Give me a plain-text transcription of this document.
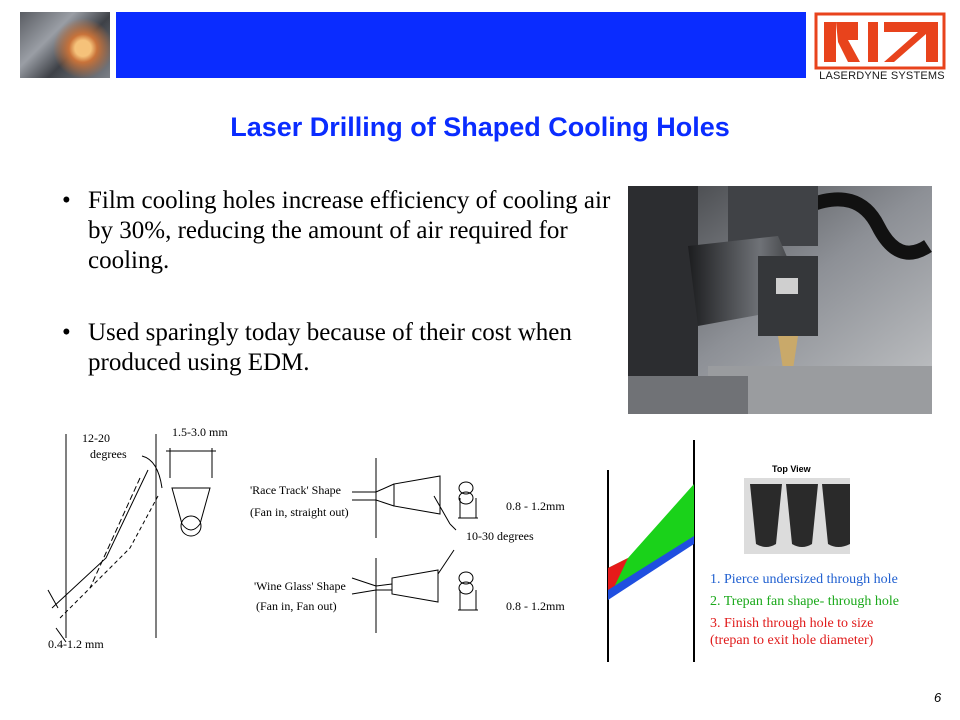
LASERDYNE SYSTEMS
Laser Drilling of Shaped Cooling Holes
• Film cooling holes increase efficiency of cooling air by 30%, reducing the amount of air required for cooling.
• Used sparingly today because of their cost when produced using EDM.
12-20
degrees
1.5-3.0 mm
0.4-1.2 mm
'Race Track' Shape
(Fan in, straight out)	0.8 - 1.2mm
10-30 degrees
'Wine Glass' Shape
(Fan in, Fan out)	0.8 - 1.2mm
Top View
1. Pierce undersized through hole
2. Trepan fan shape- through hole
3. Finish through hole to size
(trepan to exit hole diameter)
6
